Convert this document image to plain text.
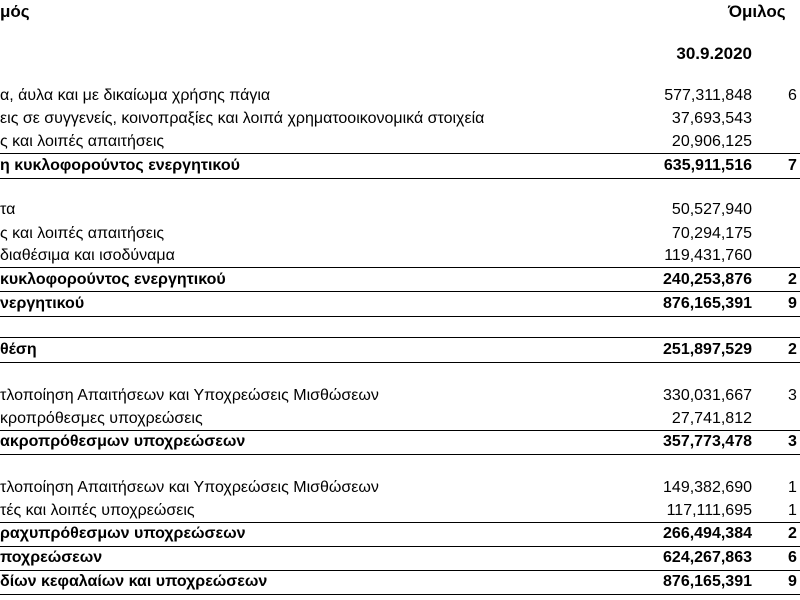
μός	Όμιλος
30.9.2020
α, άυλα και με δικαίωμα χρήσης πάγια	577,311,848 6
εις σε συγγενείς, κοινοπραξίες και λοιπά χρηματοοικονομικά στοιχεία	37,693,543
ς και λοιπές απαιτήσεις	20,906,125
η κυκλοφορούντος ενεργητικού	635,911,516 7
τα	50,527,940
ς και λοιπές απαιτήσεις	70,294,175
διαθέσιμα και ισοδύναμα	119,431,760
κυκλοφορούντος ενεργητικού	240,253,876 2
νεργητικού	876,165,391 9
θέση	251,897,529 2
τλοποίηση Απαιτήσεων και Υποχρεώσεις Μισθώσεων	330,031,667 3
κροπρόθεσμες υποχρεώσεις	27,741,812
ακροπρόθεσμων υποχρεώσεων	357,773,478 3
τλοποίηση Απαιτήσεων και Υποχρεώσεις Μισθώσεων	149,382,690 1
τές και λοιπές υποχρεώσεις	117,111,695 1
ραχυπρόθεσμων υποχρεώσεων	266,494,384 2
ποχρεώσεων	624,267,863 6
δίων κεφαλαίων και υποχρεώσεων	876,165,391 9
